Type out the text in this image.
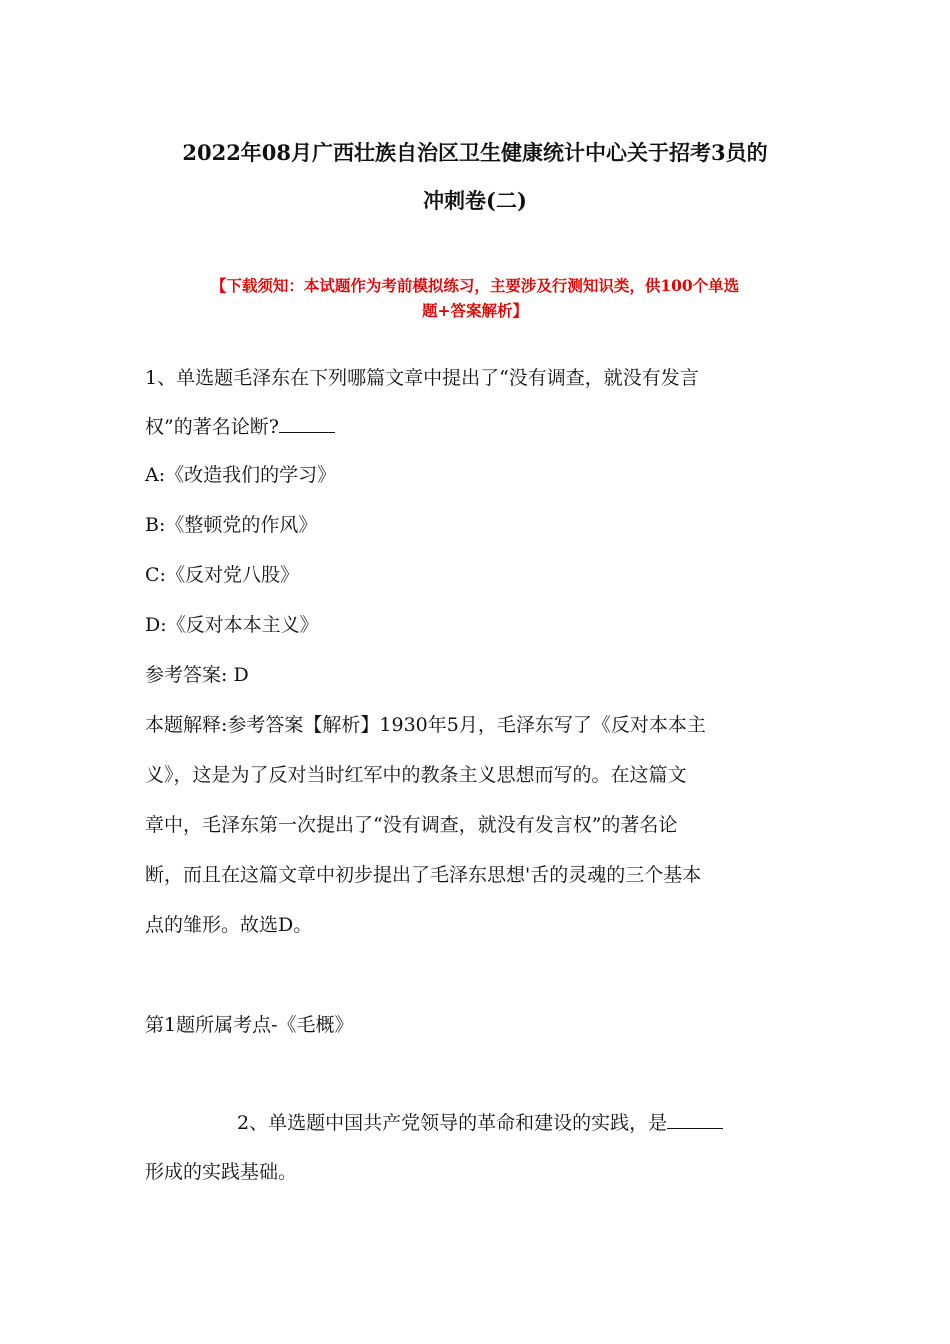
2022年08月广西壮族自治区卫生健康统计中心关于招考3员的
冲刺卷(二)
【下载须知：本试题作为考前模拟练习，主要涉及行测知识类，供100个单选
题+答案解析】
1、单选题毛泽东在下列哪篇文章中提出了“没有调查，就没有发言
权”的著名论断?
A:《改造我们的学习》
B:《整顿党的作风》
C:《反对党八股》
D:《反对本本主义》
参考答案: D
本题解释:参考答案【解析】1930年5月，毛泽东写了《反对本本主
义》，这是为了反对当时红军中的教条主义思想而写的。在这篇文
章中，毛泽东第一次提出了“没有调查，就没有发言权”的著名论
断，而且在这篇文章中初步提出了毛泽东思想'舌的灵魂的三个基本
点的雏形。故选D。
第1题所属考点-《毛概》
2、单选题中国共产党领导的革命和建设的实践，是
形成的实践基础。
